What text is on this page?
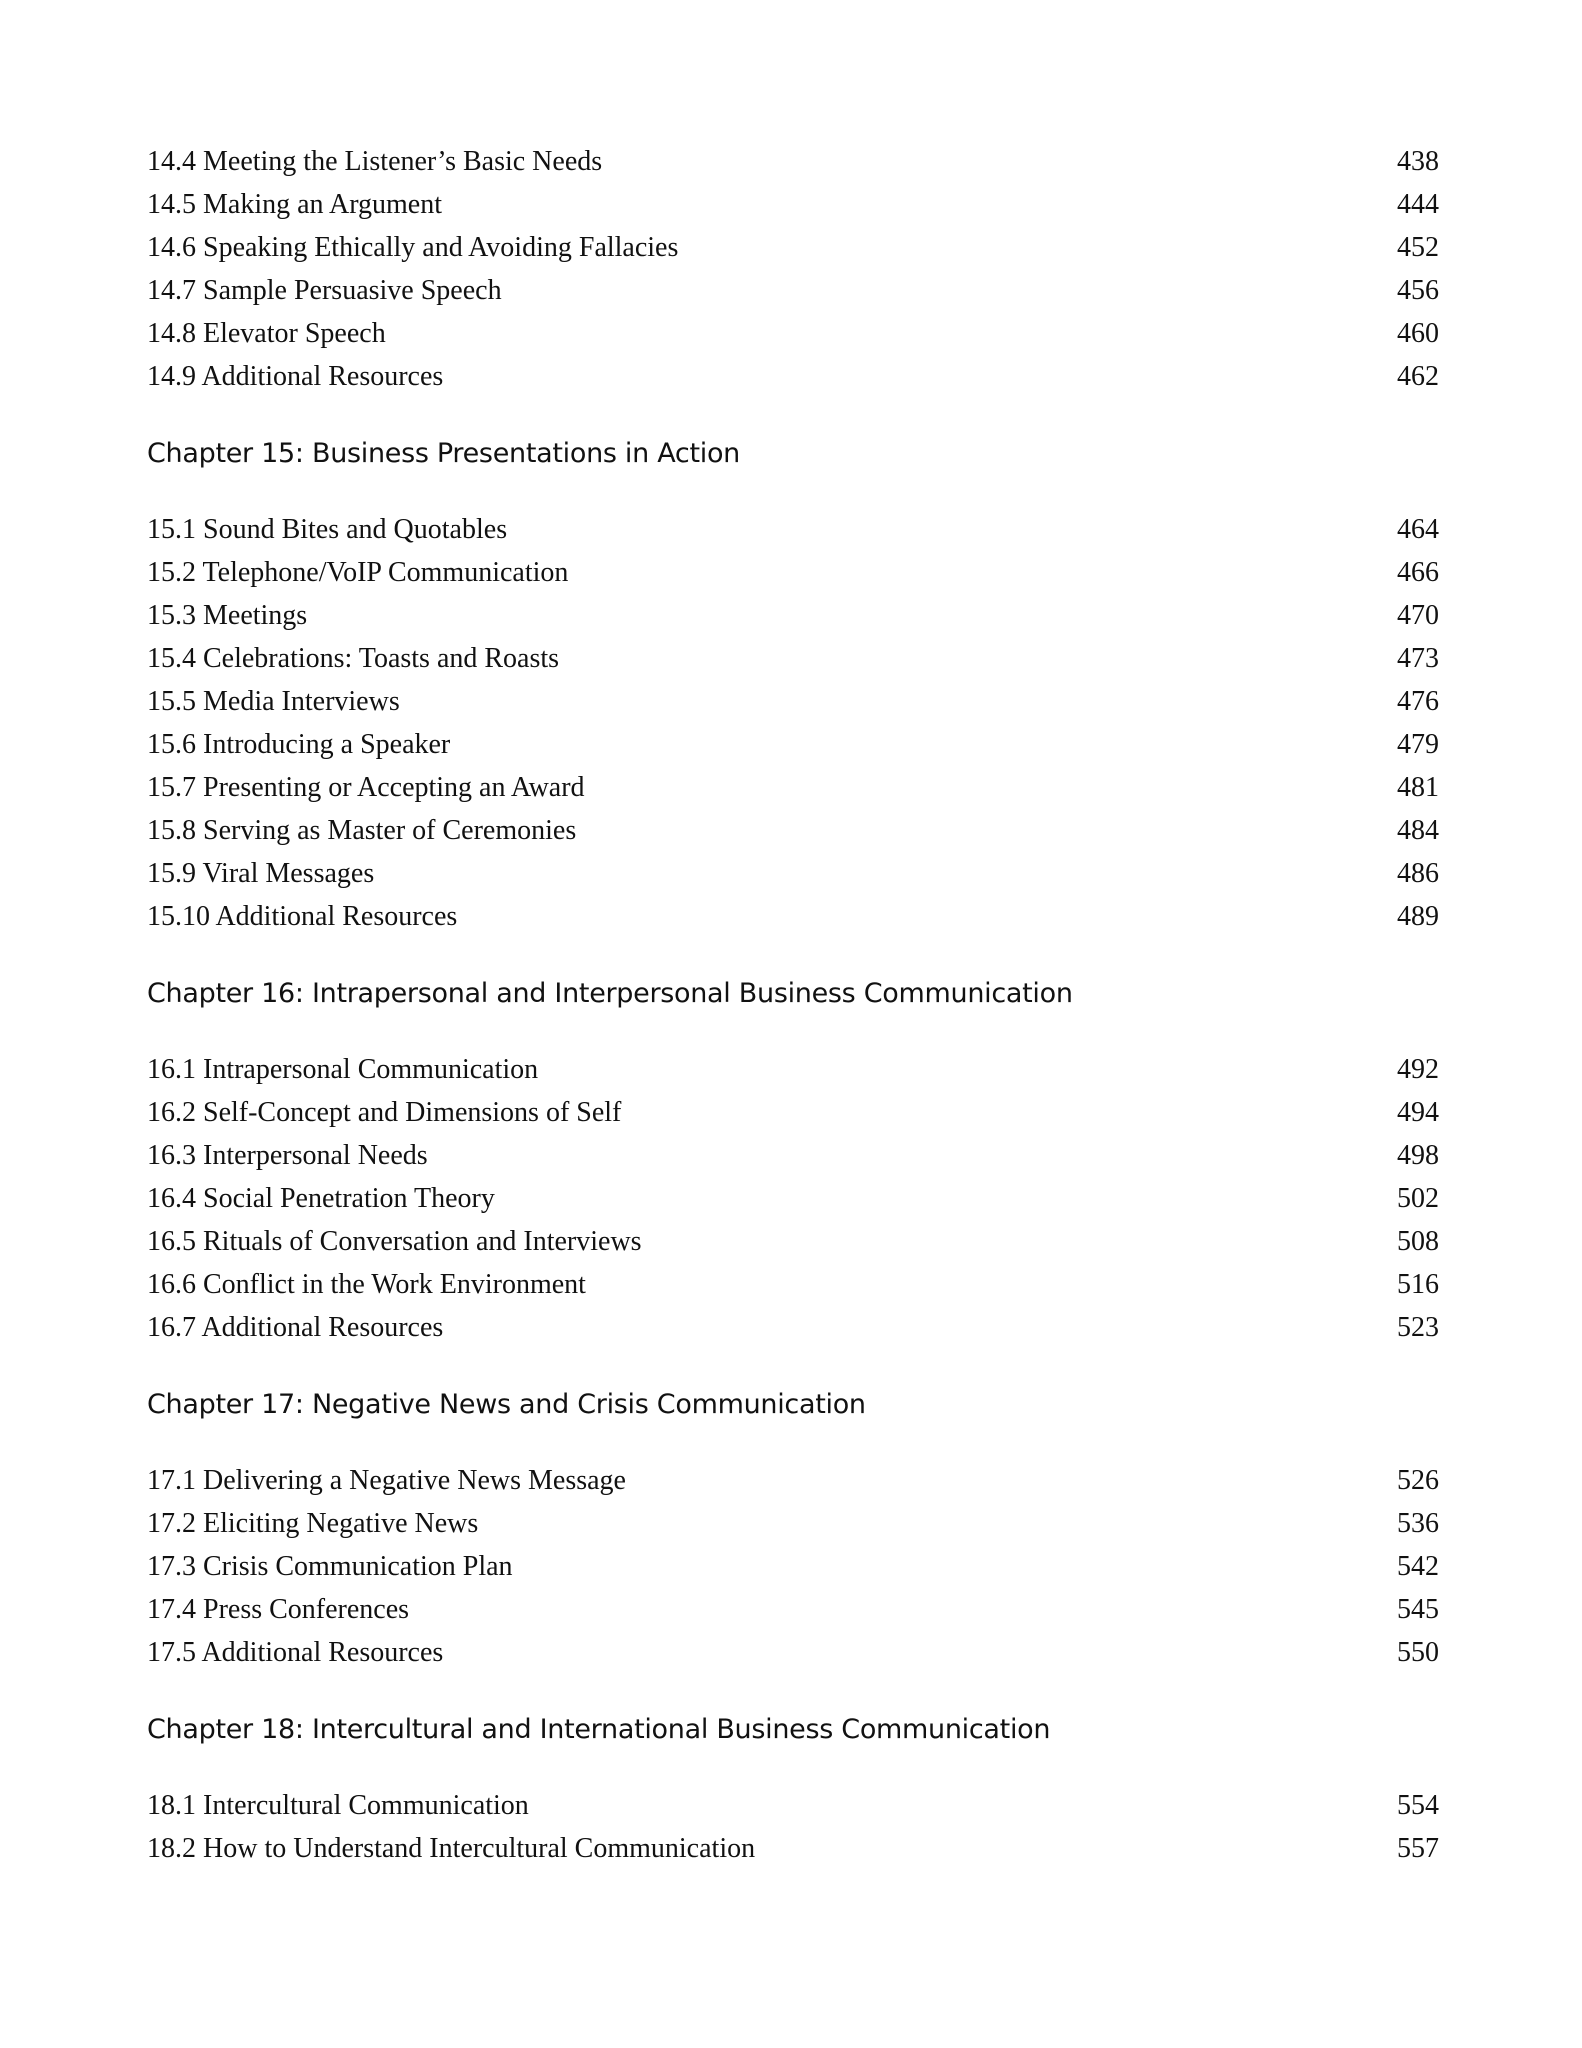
14.4 Meeting the Listener’s Basic Needs	438
14.5 Making an Argument	444
14.6 Speaking Ethically and Avoiding Fallacies	452
14.7 Sample Persuasive Speech	456
14.8 Elevator Speech	460
14.9 Additional Resources	462
Chapter 15: Business Presentations in Action
15.1 Sound Bites and Quotables	464
15.2 Telephone/VoIP Communication	466
15.3 Meetings	470
15.4 Celebrations: Toasts and Roasts	473
15.5 Media Interviews	476
15.6 Introducing a Speaker	479
15.7 Presenting or Accepting an Award	481
15.8 Serving as Master of Ceremonies	484
15.9 Viral Messages	486
15.10 Additional Resources	489
Chapter 16: Intrapersonal and Interpersonal Business Communication
16.1 Intrapersonal Communication	492
16.2 Self-Concept and Dimensions of Self	494
16.3 Interpersonal Needs	498
16.4 Social Penetration Theory	502
16.5 Rituals of Conversation and Interviews	508
16.6 Conflict in the Work Environment	516
16.7 Additional Resources	523
Chapter 17: Negative News and Crisis Communication
17.1 Delivering a Negative News Message	526
17.2 Eliciting Negative News	536
17.3 Crisis Communication Plan	542
17.4 Press Conferences	545
17.5 Additional Resources	550
Chapter 18: Intercultural and International Business Communication
18.1 Intercultural Communication	554
18.2 How to Understand Intercultural Communication	557
